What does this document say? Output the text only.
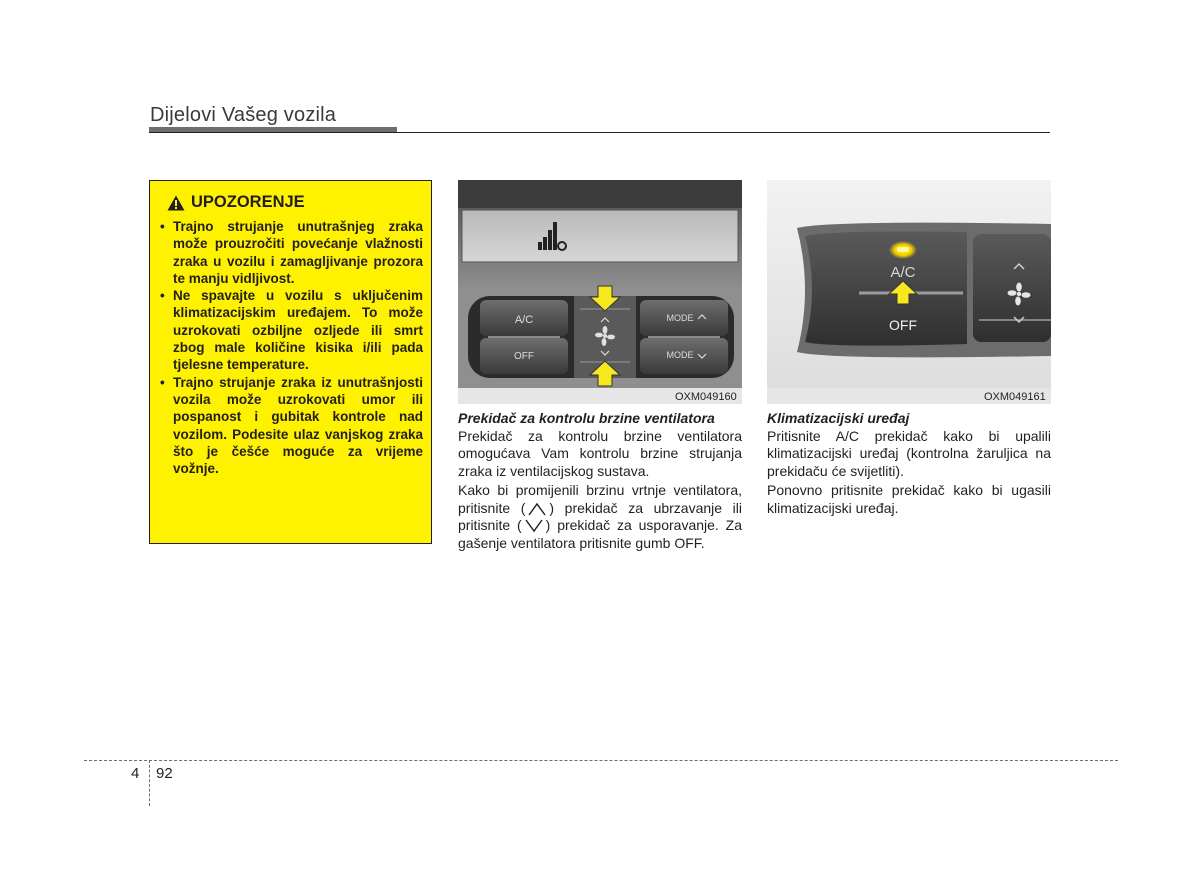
Dijelovi Vašeg vozila
UPOZORENJE
• Trajno strujanje unutrašnjeg zraka može prouzročiti povećanje vlažnosti zraka u vozilu i zamagljivanje prozora te manju vidljivost.
• Ne spavajte u vozilu s uključenim klimatizacijskim uređajem. To može uzrokovati ozbiljne ozljede ili smrt zbog male količine kisika i/ili pada tjelesne temperature.
• Trajno strujanje zraka iz unutrašnjosti vozila može uzrokovati umor ili pospanost i gubitak kontrole nad vozilom. Podesite ulaz vanjskog zraka što je češće moguće za vrijeme vožnje.
A/C
OFF
MODE
MODE
OXM049160
A/C
OFF
OXM049161
Prekidač za kontrolu brzine ventilatora

Prekidač za kontrolu brzine ventilatora omogućava Vam kontrolu brzine strujanja zraka iz ventilacijskog sustava.

Kako bi promijenili brzinu vrtnje ventilatora, pritisnite ( ) prekidač za ubrzavanje ili pritisnite ( ) prekidač za usporavanje. Za gašenje ventilatora pritisnite gumb OFF.

Klimatizacijski uređaj

Pritisnite A/C prekidač kako bi upalili klimatizacijski uređaj (kontrolna žaruljica na prekidaču će svijetliti).

Ponovno pritisnite prekidač kako bi ugasili klimatizacijski uređaj.

4 92
